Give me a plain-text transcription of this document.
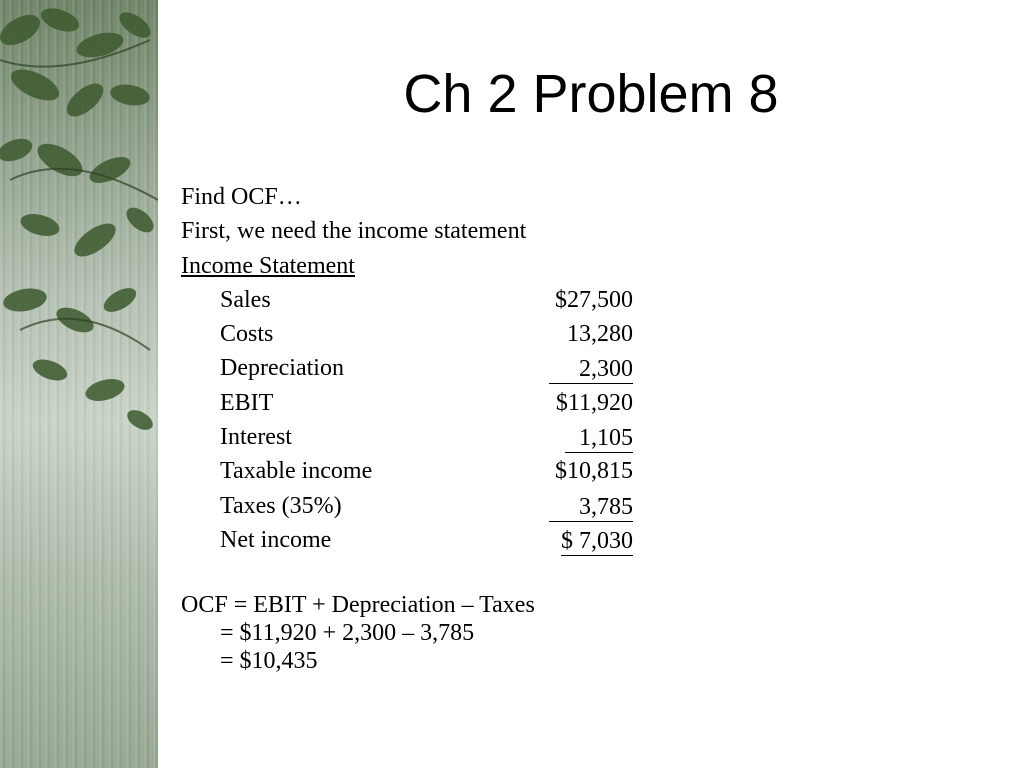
Ch 2 Problem 8
Find OCF…
First, we need the income statement
Income Statement
Sales	$27,500
Costs	13,280
Depreciation	2,300
EBIT	$11,920
Interest	1,105
Taxable income	$10,815
Taxes (35%)	3,785
Net income	$ 7,030
OCF = EBIT + Depreciation – Taxes
= $11,920 + 2,300 – 3,785
= $10,435
